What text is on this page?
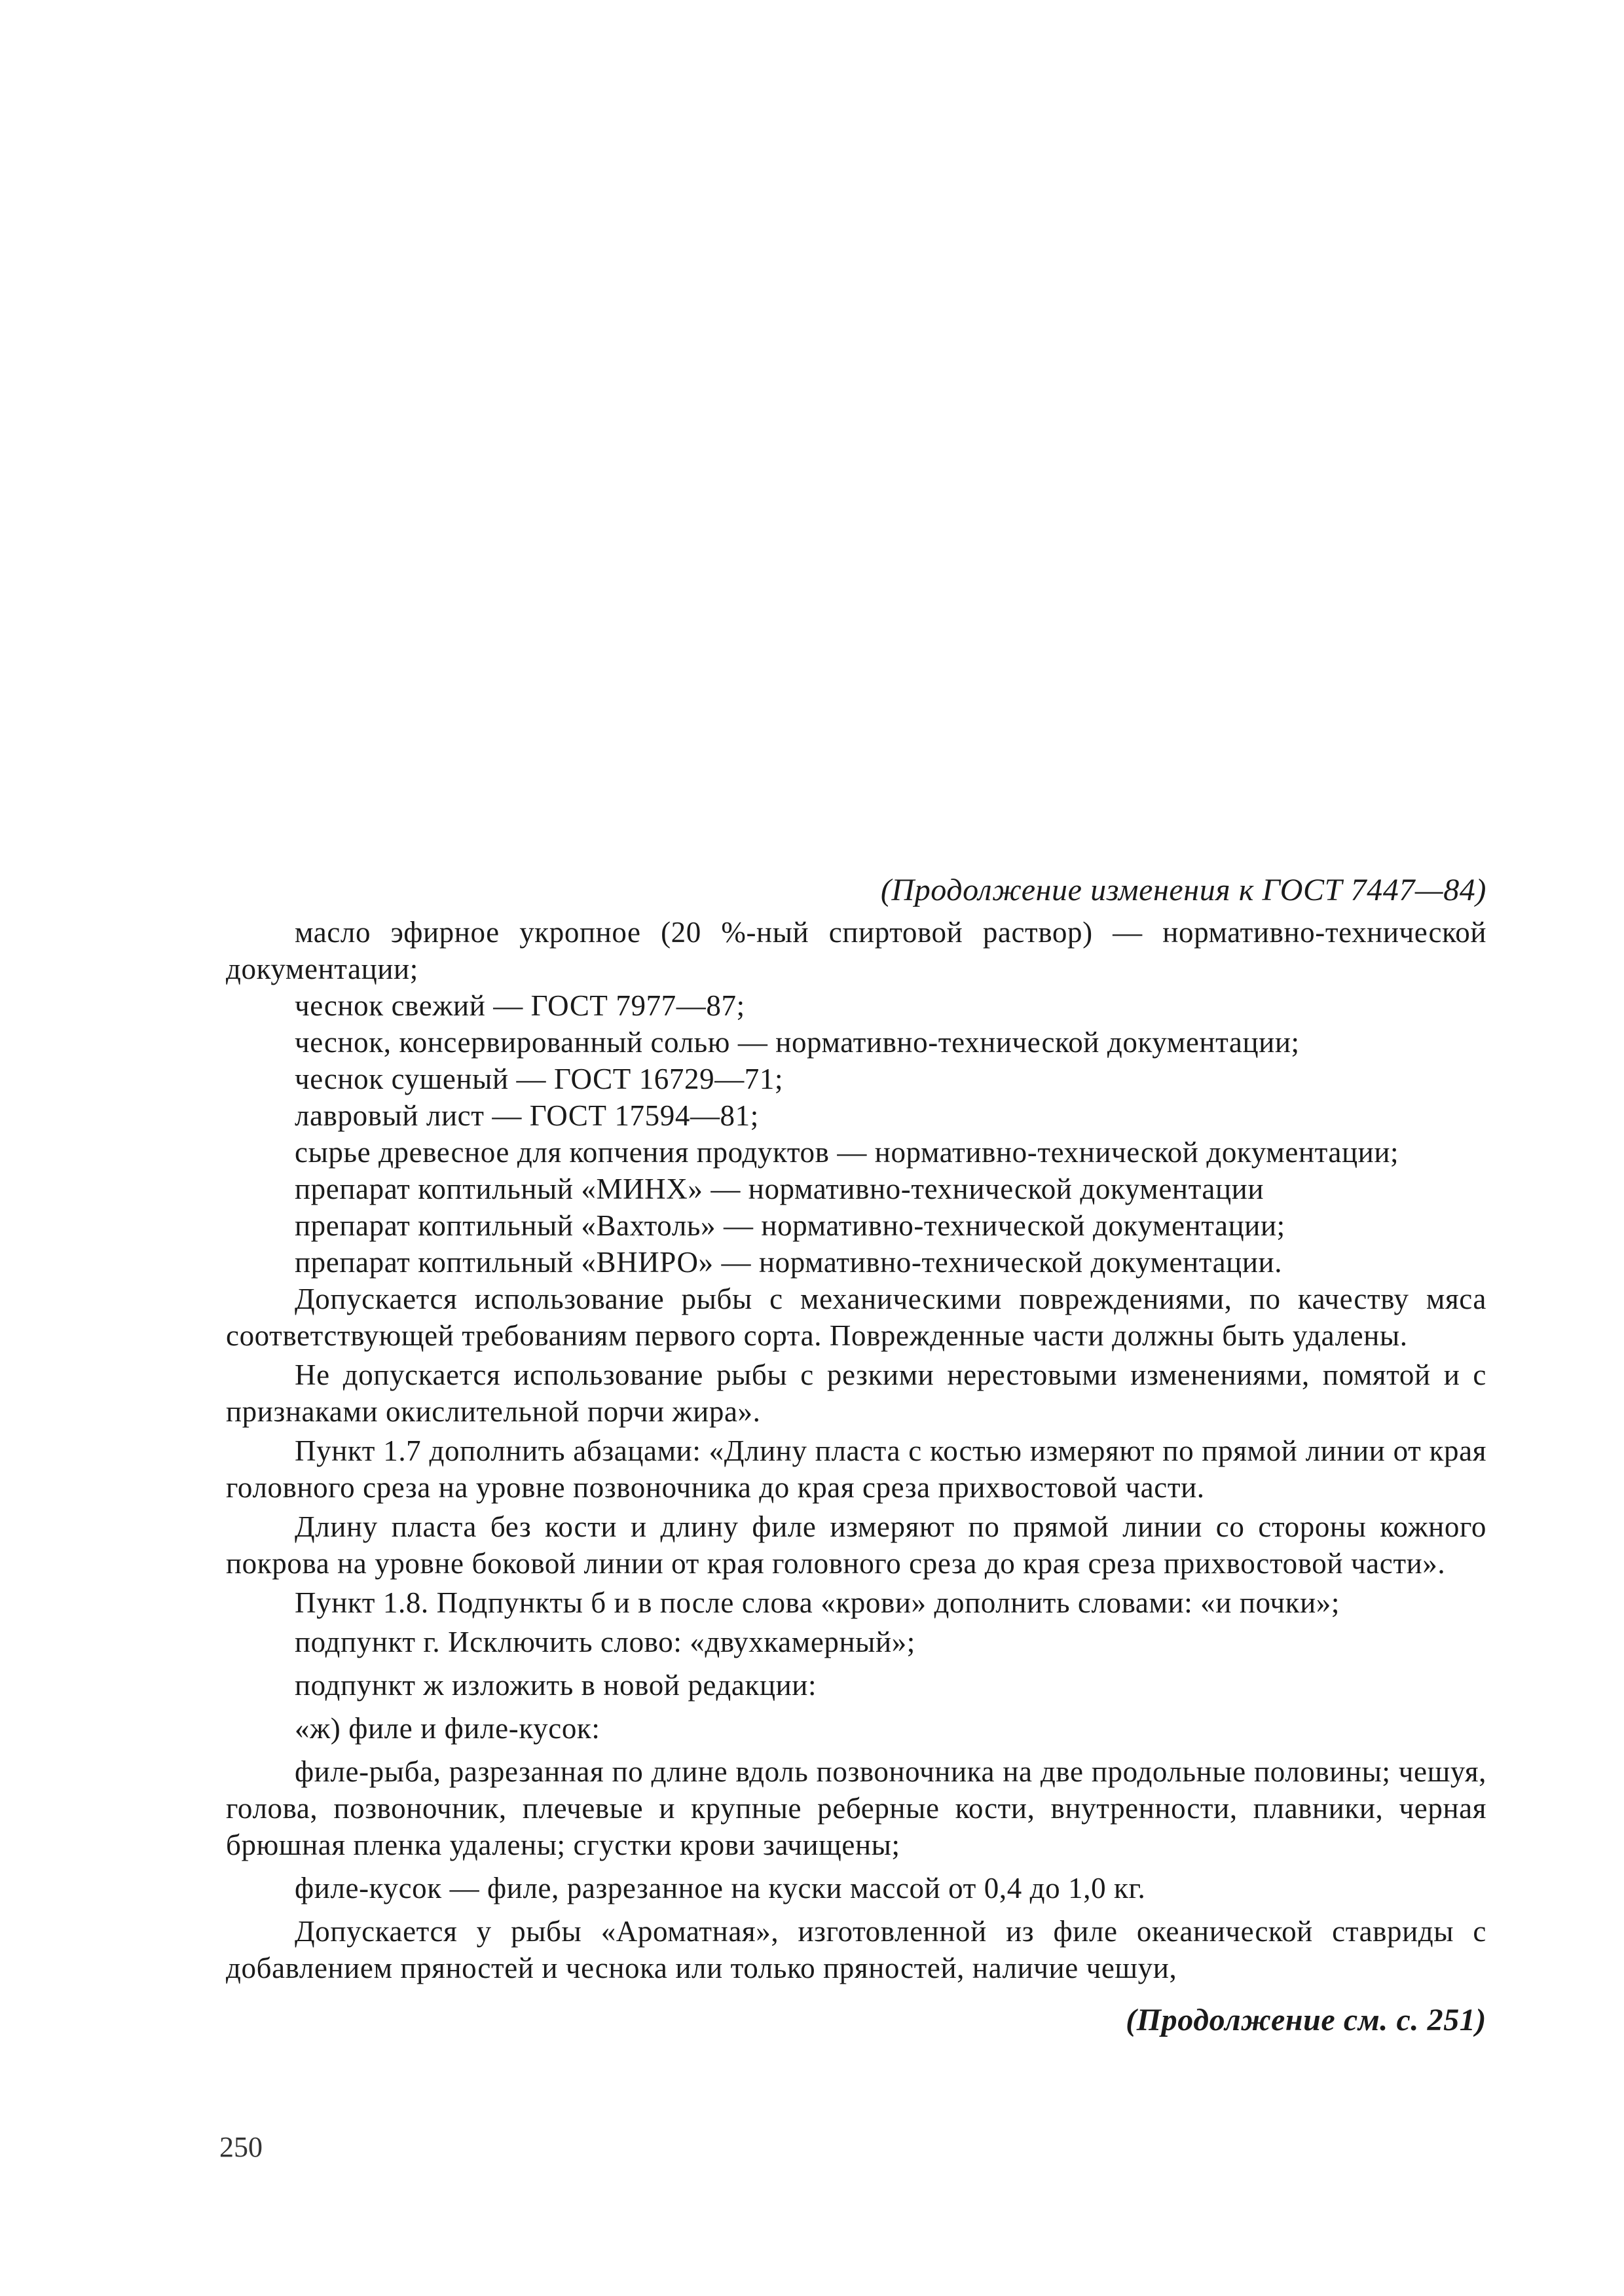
(Продолжение изменения к ГОСТ 7447—84)

масло эфирное укропное (20 %-ный спиртовой раствор) — нормативно-технической документации;

чеснок свежий — ГОСТ 7977—87;

чеснок, консервированный солью — нормативно-технической документации;

чеснок сушеный — ГОСТ 16729—71;

лавровый лист — ГОСТ 17594—81;

сырье древесное для копчения продуктов — нормативно-технической документации;

препарат коптильный «МИНХ» — нормативно-технической документации

препарат коптильный «Вахтоль» — нормативно-технической документации;

препарат коптильный «ВНИРО» — нормативно-технической документации.

Допускается использование рыбы с механическими повреждениями, по качеству мяса соответствующей требованиям первого сорта. Поврежденные части должны быть удалены.

Не допускается использование рыбы с резкими нерестовыми изменениями, помятой и с признаками окислительной порчи жира».

Пункт 1.7 дополнить абзацами: «Длину пласта с костью измеряют по прямой линии от края головного среза на уровне позвоночника до края среза прихвостовой части.

Длину пласта без кости и длину филе измеряют по прямой линии со стороны кожного покрова на уровне боковой линии от края головного среза до края среза прихвостовой части».

Пункт 1.8. Подпункты б и в после слова «крови» дополнить словами: «и почки»;

подпункт г. Исключить слово: «двухкамерный»;

подпункт ж изложить в новой редакции:

«ж) филе и филе-кусок:

филе-рыба, разрезанная по длине вдоль позвоночника на две продольные половины; чешуя, голова, позвоночник, плечевые и крупные реберные кости, внутренности, плавники, черная брюшная пленка удалены; сгустки крови зачищены;

филе-кусок — филе, разрезанное на куски массой от 0,4 до 1,0 кг.

Допускается у рыбы «Ароматная», изготовленной из филе океанической ставриды с добавлением пряностей и чеснока или только пряностей, наличие чешуи,

(Продолжение см. с. 251)
250
